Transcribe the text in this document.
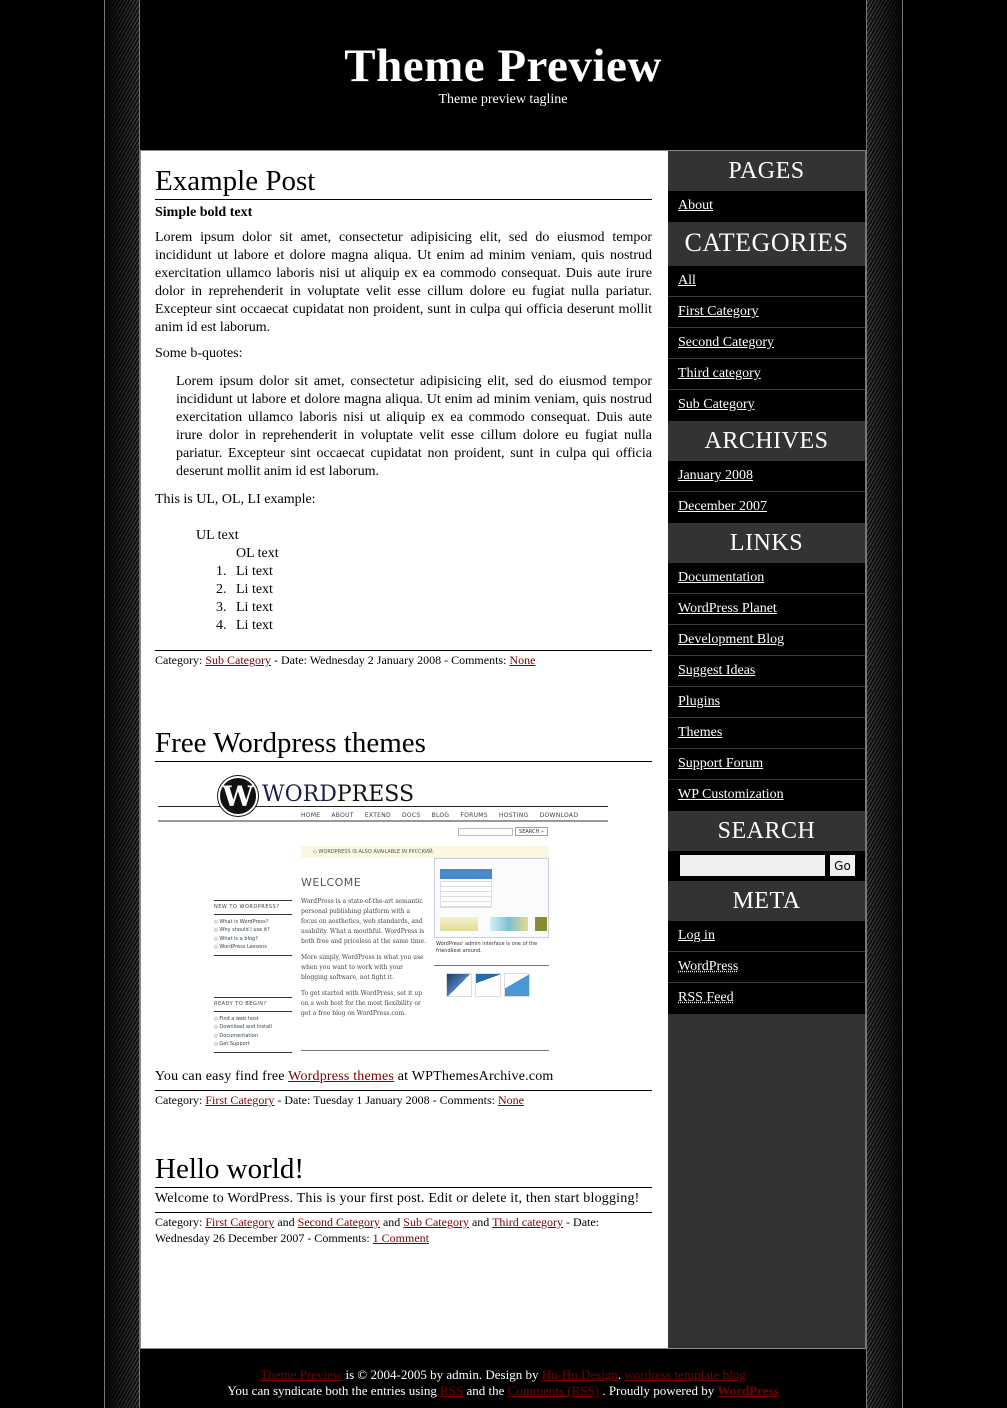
Theme Preview
Theme preview tagline
Example Post

Simple bold text

Lorem ipsum dolor sit amet, consectetur adipisicing elit, sed do eiusmod tempor incididunt ut labore et dolore magna aliqua. Ut enim ad minim veniam, quis nostrud exercitation ullamco laboris nisi ut aliquip ex ea commodo consequat. Duis aute irure dolor in reprehenderit in voluptate velit esse cillum dolore eu fugiat nulla pariatur. Excepteur sint occaecat cupidatat non proident, sunt in culpa qui officia deserunt mollit anim id est laborum.

Some b-quotes:

Lorem ipsum dolor sit amet, consectetur adipisicing elit, sed do eiusmod tempor incididunt ut labore et dolore magna aliqua. Ut enim ad minim veniam, quis nostrud exercitation ullamco laboris nisi ut aliquip ex ea commodo consequat. Duis aute irure dolor in reprehenderit in voluptate velit esse cillum dolore eu fugiat nulla pariatur. Excepteur sint occaecat cupidatat non proident, sunt in culpa qui officia deserunt mollit anim id est laborum.

This is UL, OL, LI example:

UL text
OL text
1. Li text
2. Li text
3. Li text
4. Li text
Category: Sub Category - Date: Wednesday 2 January 2008 - Comments: None
Free Wordpress themes
W WORDPRESS
HOME ABOUT EXTEND DOCS BLOG FORUMS HOSTING DOWNLOAD
SEARCH »
◇ WORDPRESS IS ALSO AVAILABLE IN РУССКИЙ.
WELCOME

WordPress is a state-of-the-art semantic personal publishing platform with a focus on aesthetics, web standards, and usability. What a mouthful. WordPress is both free and priceless at the same time.

More simply, WordPress is what you use when you want to work with your blogging software, not fight it.

To get started with WordPress, set it up on a web host for the most flexibility or get a free blog on WordPress.com.

NEW TO WORDPRESS?
◇ What is WordPress?
◇ Why should I use it?
◇ What is a blog?
◇ WordPress Lessons
READY TO BEGIN?
◇ Find a web host
◇ Download and Install
◇ Documentation
◇ Get Support
WordPress' admin interface is one of the friendliest around.
You can easy find free Wordpress themes at WPThemesArchive.com
Category: First Category - Date: Tuesday 1 January 2008 - Comments: None
Hello world!
Welcome to WordPress. This is your first post. Edit or delete it, then start blogging!
Category: First Category and Second Category and Sub Category and Third category - Date: Wednesday 26 December 2007 - Comments: 1 Comment
PAGES
About
CATEGORIES
All
First Category
Second Category
Third category
Sub Category
ARCHIVES
January 2008
December 2007
LINKS
Documentation
WordPress Planet
Development Blog
Suggest Ideas
Plugins
Themes
Support Forum
WP Customization
SEARCH
Go
META
Log in
WordPress
RSS Feed
Theme Preview is © 2004-2005 by admin. Design by Hu-Hu Design. wordress template blog
You can syndicate both the entries using RSS and the Comments (RSS) . Proudly powered by WordPress
